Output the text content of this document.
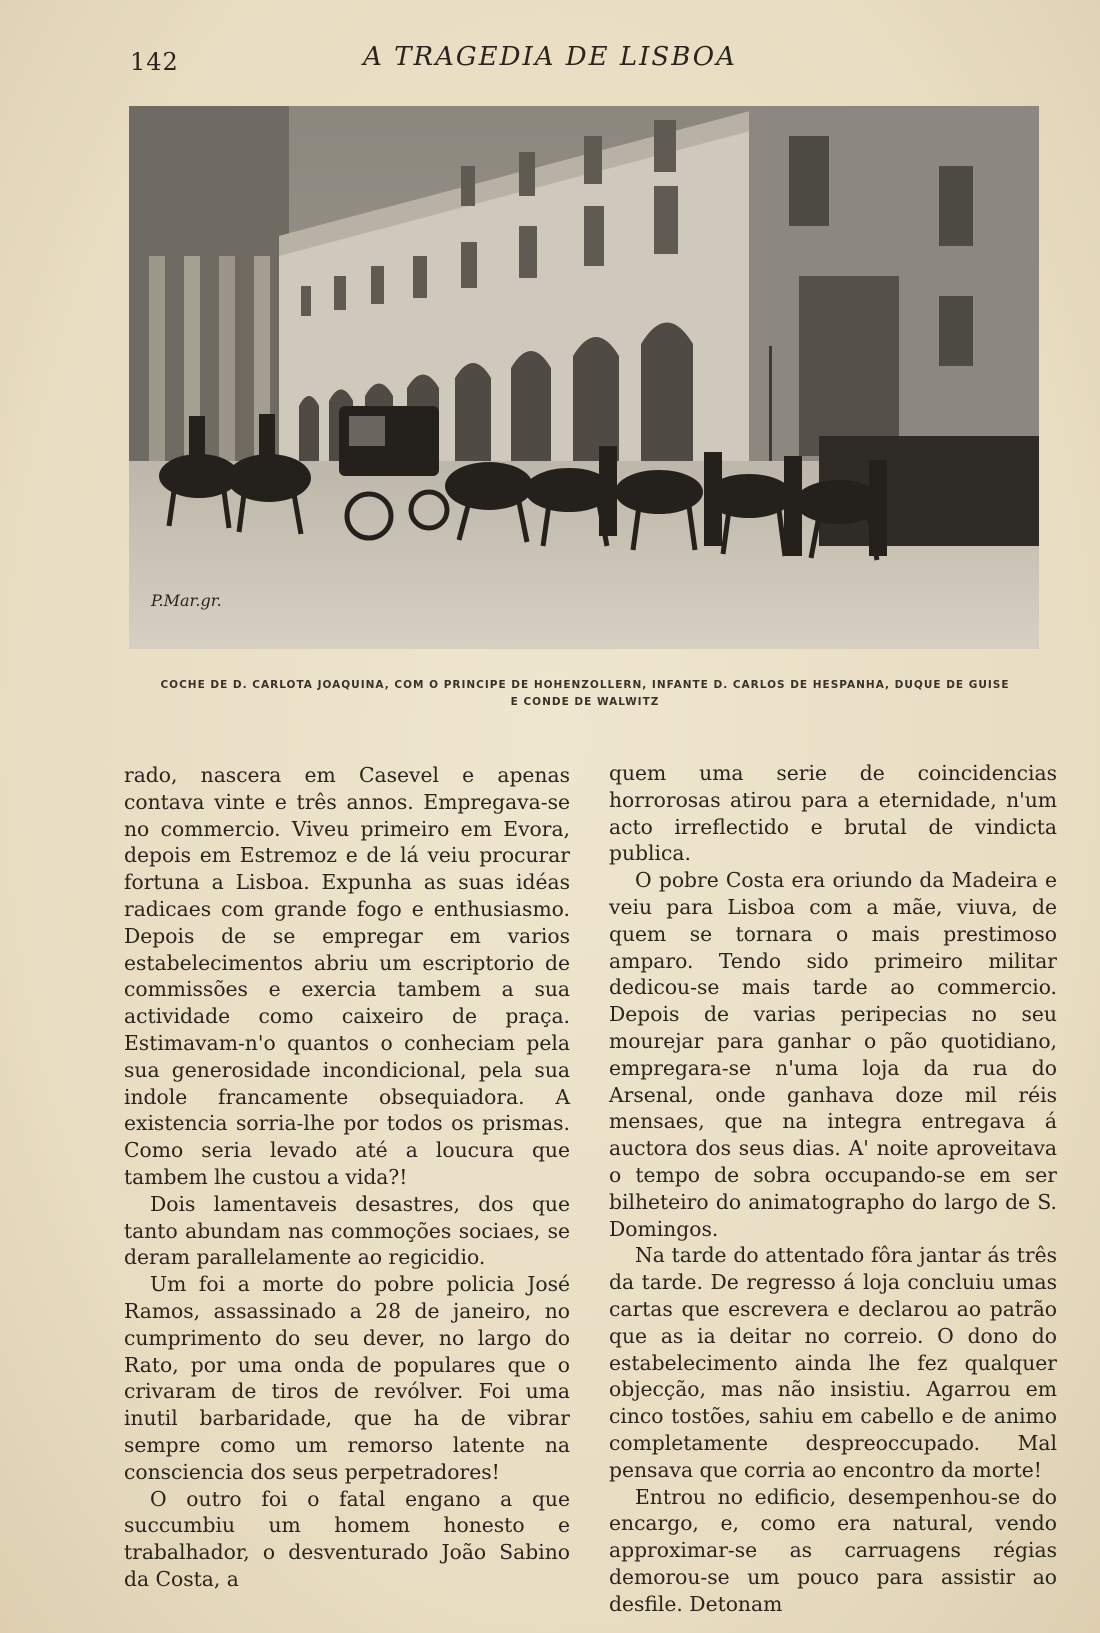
142	A TRAGEDIA DE LISBOA
P.Mar.gr.
COCHE DE D. CARLOTA JOAQUINA, COM O PRINCIPE DE HOHENZOLLERN, INFANTE D. CARLOS DE HESPANHA, DUQUE DE GUISE
E CONDE DE WALWITZ

rado, nascera em Casevel e apenas contava vinte e três annos. Empregava-se no commercio. Viveu primeiro em Evora, depois em Estremoz e de lá veiu procurar fortuna a Lisboa. Expunha as suas idéas radicaes com grande fogo e enthusiasmo. Depois de se empregar em varios estabelecimentos abriu um escriptorio de commissões e exercia tambem a sua actividade como caixeiro de praça. Estimavam-n'o quantos o conheciam pela sua generosidade incondicional, pela sua indole francamente obsequiadora. A existencia sorria-lhe por todos os prismas. Como seria levado até a loucura que tambem lhe custou a vida?!

Dois lamentaveis desastres, dos que tanto abundam nas commoções sociaes, se deram parallelamente ao regicidio.

Um foi a morte do pobre policia José Ramos, assassinado a 28 de janeiro, no cumprimento do seu dever, no largo do Rato, por uma onda de populares que o crivaram de tiros de revólver. Foi uma inutil barbaridade, que ha de vibrar sempre como um remorso latente na consciencia dos seus perpetradores!

O outro foi o fatal engano a que succumbiu um homem honesto e trabalhador, o desventurado João Sabino da Costa, a

quem uma serie de coincidencias horrorosas atirou para a eternidade, n'um acto irreflectido e brutal de vindicta publica.

O pobre Costa era oriundo da Madeira e veiu para Lisboa com a mãe, viuva, de quem se tornara o mais prestimoso amparo. Tendo sido primeiro militar dedicou-se mais tarde ao commercio. Depois de varias peripecias no seu mourejar para ganhar o pão quotidiano, empregara-se n'uma loja da rua do Arsenal, onde ganhava doze mil réis mensaes, que na integra entregava á auctora dos seus dias. A' noite aproveitava o tempo de sobra occupando-se em ser bilheteiro do animatographo do largo de S. Domingos.

Na tarde do attentado fôra jantar ás três da tarde. De regresso á loja concluiu umas cartas que escrevera e declarou ao patrão que as ia deitar no correio. O dono do estabelecimento ainda lhe fez qualquer objecção, mas não insistiu. Agarrou em cinco tostões, sahiu em cabello e de animo completamente despreoccupado. Mal pensava que corria ao encontro da morte!

Entrou no edificio, desempenhou-se do encargo, e, como era natural, vendo approximar-se as carruagens régias demorou-se um pouco para assistir ao desfile. Detonam
